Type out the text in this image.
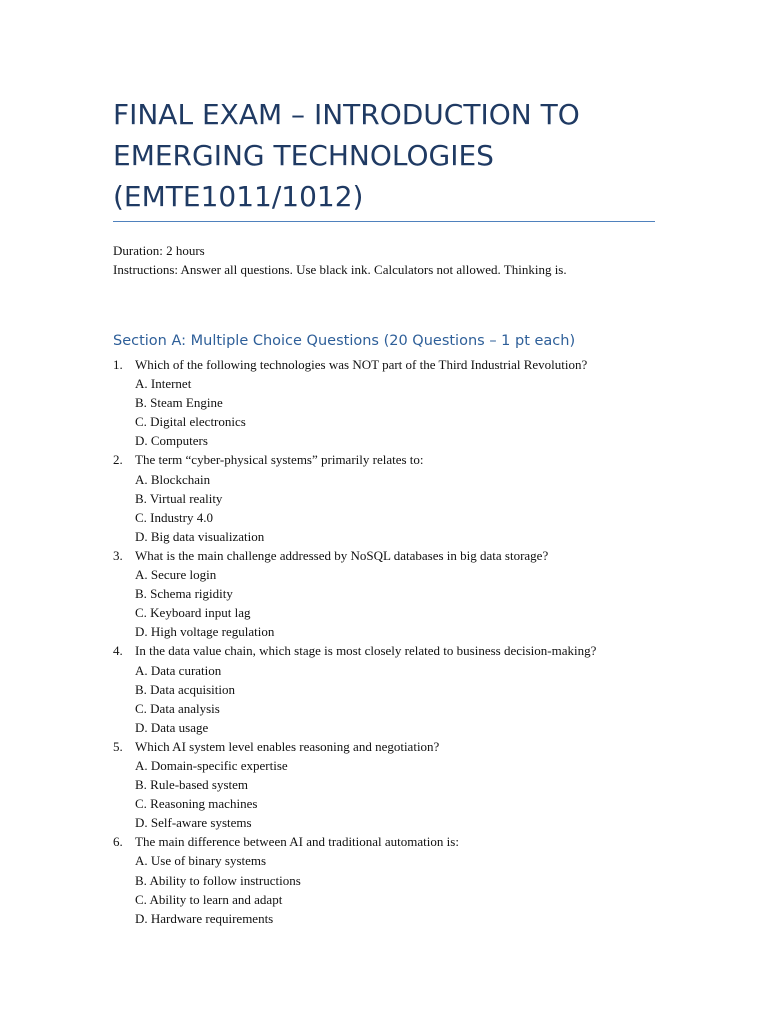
FINAL EXAM – INTRODUCTION TO EMERGING TECHNOLOGIES (EMTE1011/1012)
Duration: 2 hours
Instructions: Answer all questions. Use black ink. Calculators not allowed. Thinking is.
Section A: Multiple Choice Questions (20 Questions – 1 pt each)
1. Which of the following technologies was NOT part of the Third Industrial Revolution?
A. Internet
B. Steam Engine
C. Digital electronics
D. Computers
2. The term “cyber-physical systems” primarily relates to:
A. Blockchain
B. Virtual reality
C. Industry 4.0
D. Big data visualization
3. What is the main challenge addressed by NoSQL databases in big data storage?
A. Secure login
B. Schema rigidity
C. Keyboard input lag
D. High voltage regulation
4. In the data value chain, which stage is most closely related to business decision-making?
A. Data curation
B. Data acquisition
C. Data analysis
D. Data usage
5. Which AI system level enables reasoning and negotiation?
A. Domain-specific expertise
B. Rule-based system
C. Reasoning machines
D. Self-aware systems
6. The main difference between AI and traditional automation is:
A. Use of binary systems
B. Ability to follow instructions
C. Ability to learn and adapt
D. Hardware requirements
